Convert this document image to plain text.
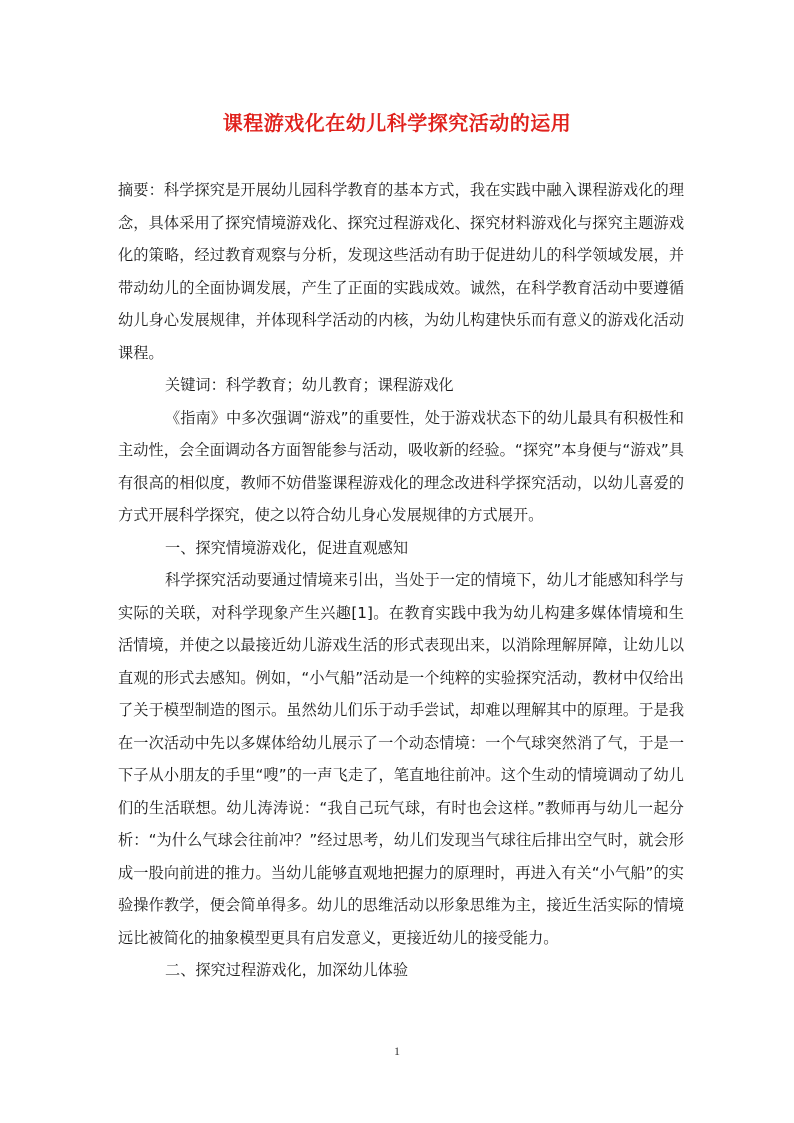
课程游戏化在幼儿科学探究活动的运用

摘要：科学探究是开展幼儿园科学教育的基本方式，我在实践中融入课程游戏化的理念，具体采用了探究情境游戏化、探究过程游戏化、探究材料游戏化与探究主题游戏化的策略，经过教育观察与分析，发现这些活动有助于促进幼儿的科学领域发展，并带动幼儿的全面协调发展，产生了正面的实践成效。诚然，在科学教育活动中要遵循幼儿身心发展规律，并体现科学活动的内核，为幼儿构建快乐而有意义的游戏化活动课程。

关键词：科学教育；幼儿教育；课程游戏化

《指南》中多次强调“游戏”的重要性，处于游戏状态下的幼儿最具有积极性和主动性，会全面调动各方面智能参与活动，吸收新的经验。“探究”本身便与“游戏”具有很高的相似度，教师不妨借鉴课程游戏化的理念改进科学探究活动，以幼儿喜爱的方式开展科学探究，使之以符合幼儿身心发展规律的方式展开。

一、探究情境游戏化，促进直观感知

科学探究活动要通过情境来引出，当处于一定的情境下，幼儿才能感知科学与实际的关联，对科学现象产生兴趣[1]。在教育实践中我为幼儿构建多媒体情境和生活情境，并使之以最接近幼儿游戏生活的形式表现出来，以消除理解屏障，让幼儿以直观的形式去感知。例如，“小气船”活动是一个纯粹的实验探究活动，教材中仅给出了关于模型制造的图示。虽然幼儿们乐于动手尝试，却难以理解其中的原理。于是我在一次活动中先以多媒体给幼儿展示了一个动态情境：一个气球突然消了气，于是一下子从小朋友的手里“嗖”的一声飞走了，笔直地往前冲。这个生动的情境调动了幼儿们的生活联想。幼儿涛涛说：“我自己玩气球，有时也会这样。”教师再与幼儿一起分析：“为什么气球会往前冲？”经过思考，幼儿们发现当气球往后排出空气时，就会形成一股向前进的推力。当幼儿能够直观地把握力的原理时，再进入有关“小气船”的实验操作教学，便会简单得多。幼儿的思维活动以形象思维为主，接近生活实际的情境远比被简化的抽象模型更具有启发意义，更接近幼儿的接受能力。

二、探究过程游戏化，加深幼儿体验

1
